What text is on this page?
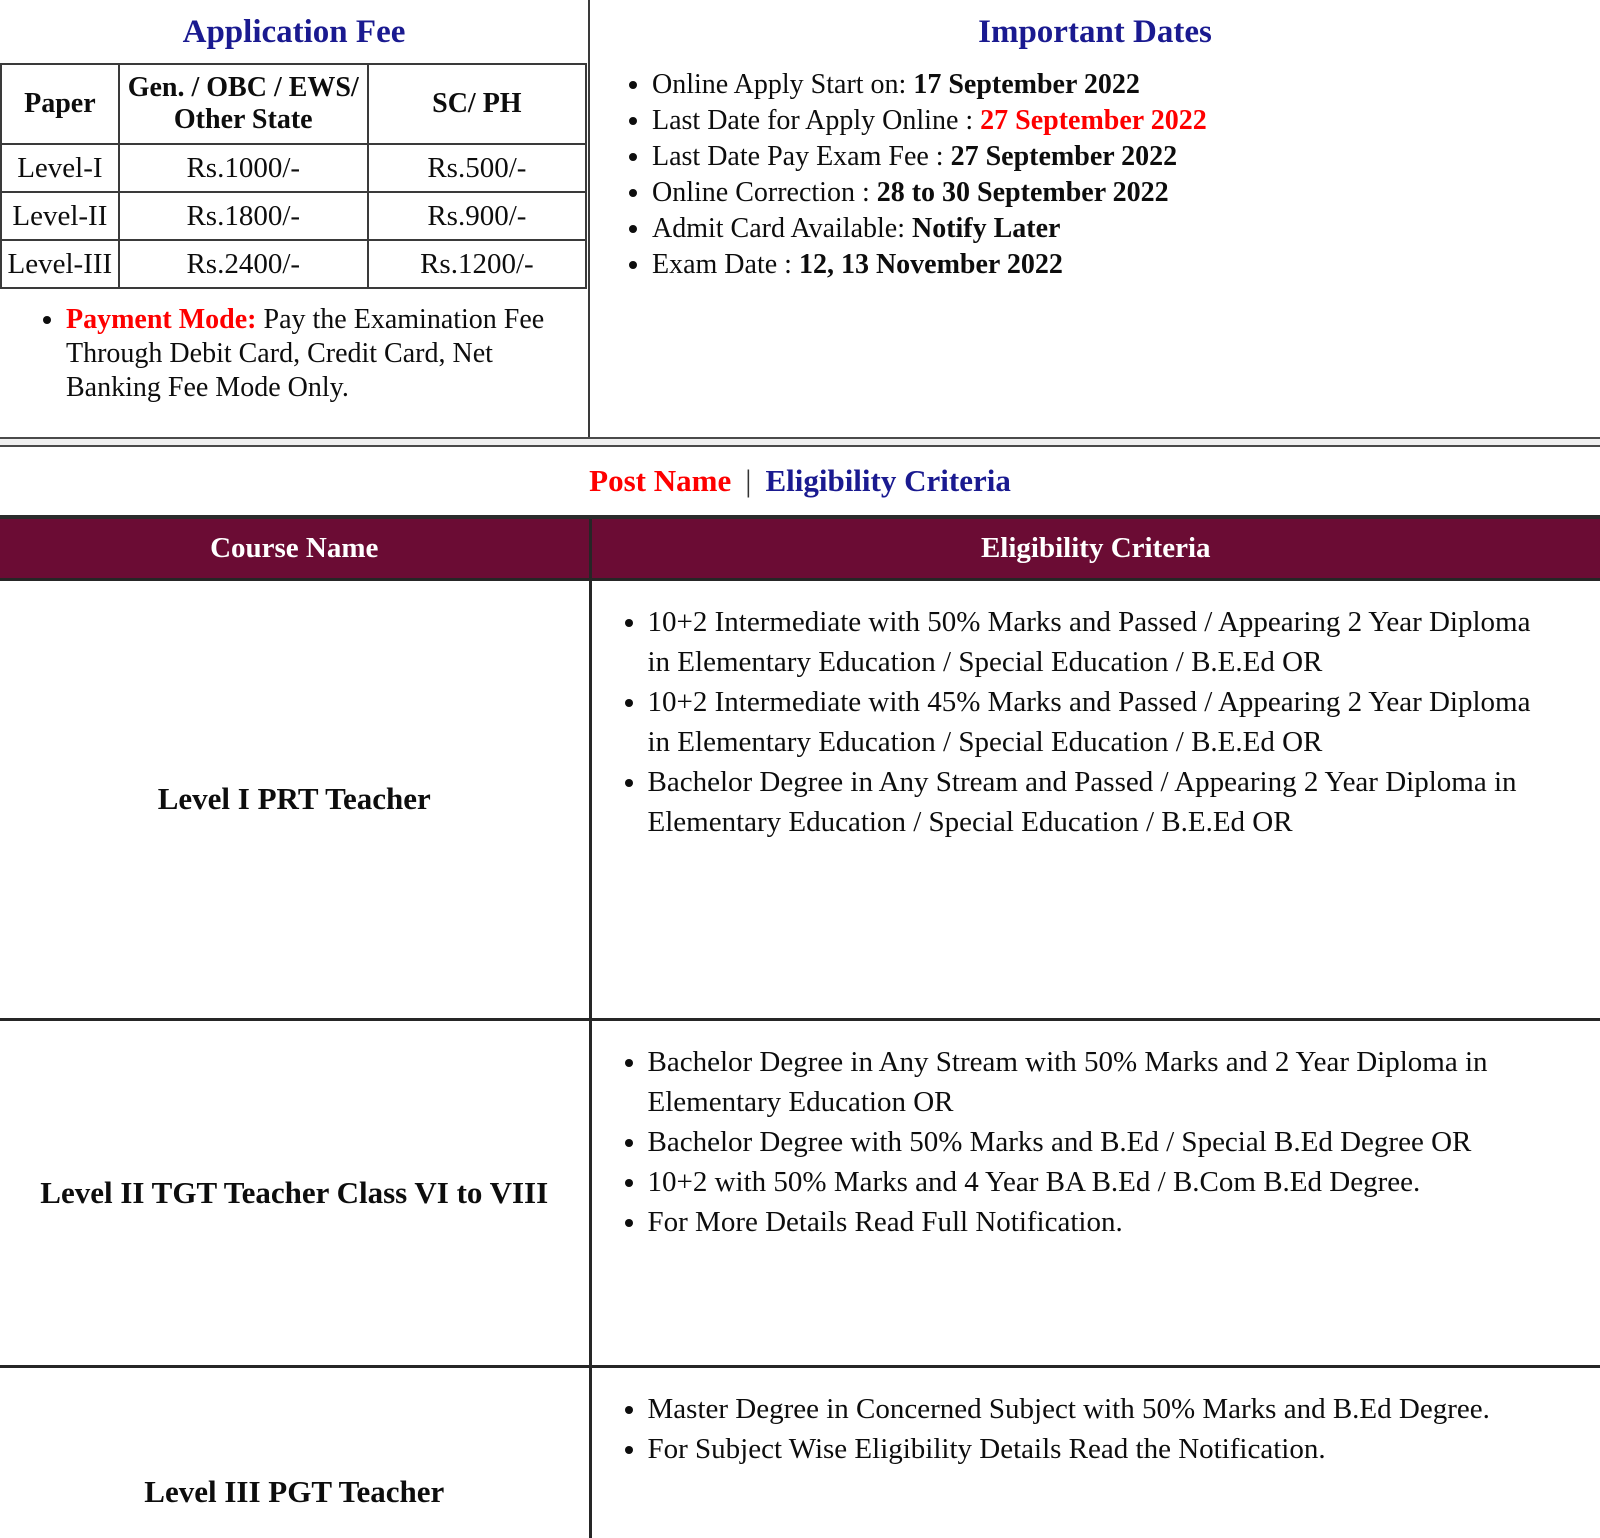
Application Fee
Paper	Gen. / OBC / EWS/ Other State	SC/ PH
Level-I	Rs.1000/-	Rs.500/-
Level-II	Rs.1800/-	Rs.900/-
Level-III	Rs.2400/-	Rs.1200/-
• Payment Mode: Pay the Examination Fee Through Debit Card, Credit Card, Net Banking Fee Mode Only.
Important Dates
• Online Apply Start on: 17 September 2022
• Last Date for Apply Online : 27 September 2022
• Last Date Pay Exam Fee : 27 September 2022
• Online Correction : 28 to 30 September 2022
• Admit Card Available: Notify Later
• Exam Date : 12, 13 November 2022
Post Name | Eligibility Criteria
Course Name	Eligibility Criteria
Level I PRT Teacher	
• 10+2 Intermediate with 50% Marks and Passed / Appearing 2 Year Diploma in Elementary Education / Special Education / B.E.Ed OR
• 10+2 Intermediate with 45% Marks and Passed / Appearing 2 Year Diploma in Elementary Education / Special Education / B.E.Ed OR
• Bachelor Degree in Any Stream and Passed / Appearing 2 Year Diploma in Elementary Education / Special Education / B.E.Ed OR

Level II TGT Teacher Class VI to VIII	
• Bachelor Degree in Any Stream with 50% Marks and 2 Year Diploma in Elementary Education OR
• Bachelor Degree with 50% Marks and B.Ed / Special B.Ed Degree OR
• 10+2 with 50% Marks and 4 Year BA B.Ed / B.Com B.Ed Degree.
• For More Details Read Full Notification.

Level III PGT Teacher	
• Master Degree in Concerned Subject with 50% Marks and B.Ed Degree.
• For Subject Wise Eligibility Details Read the Notification.
